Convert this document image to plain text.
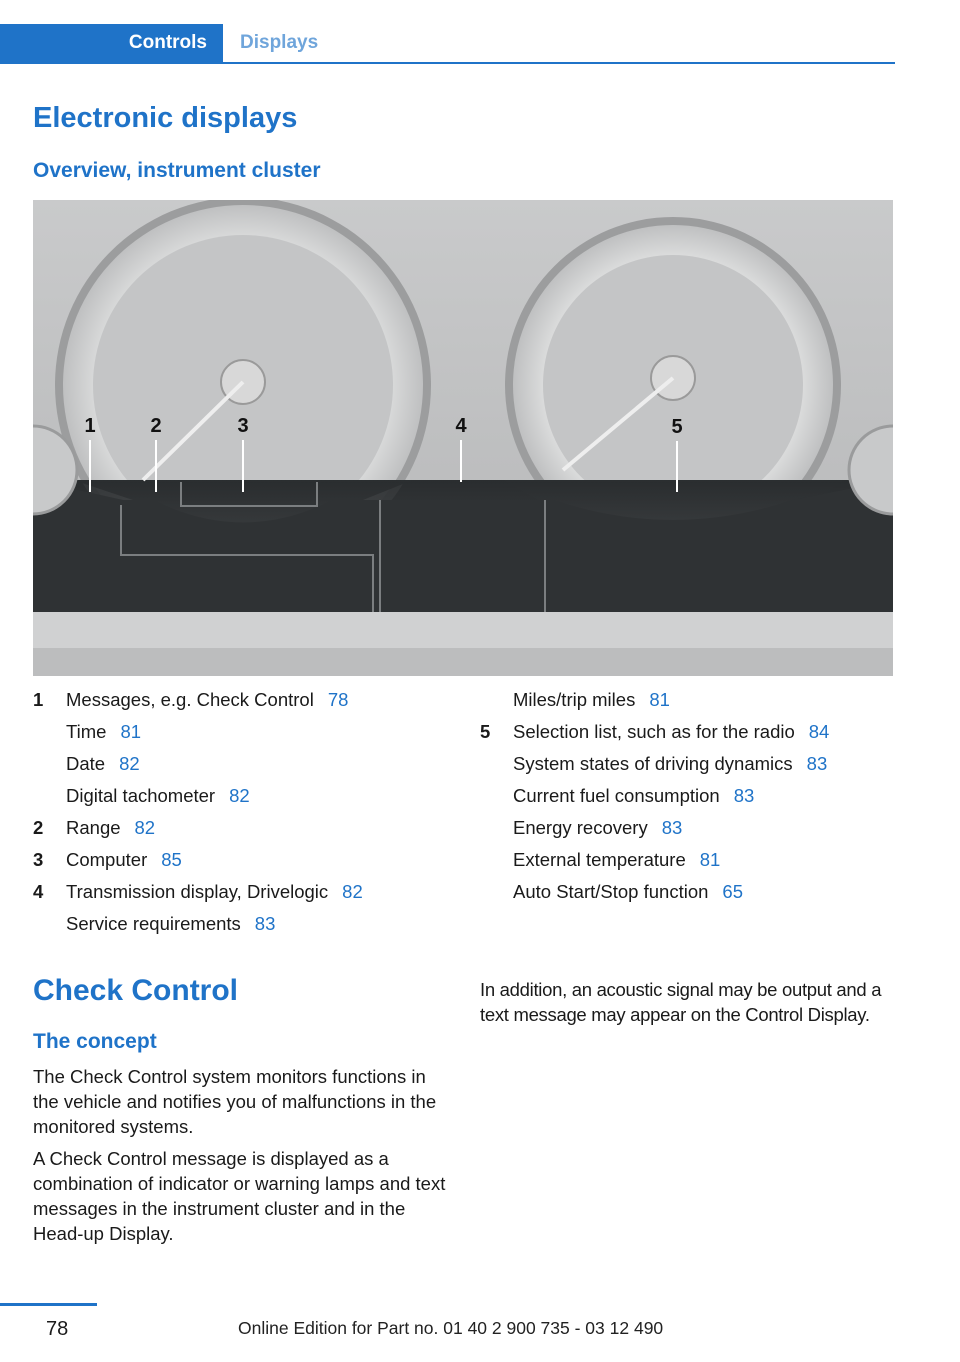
Controls	Displays
Electronic displays
Overview, instrument cluster
1	2	3	4	5
1 Messages, e.g. Check Control 78
Time 81
Date 82
Digital tachometer 82
2 Range 82
3 Computer 85
4 Transmission display, Drivelogic 82
Service requirements 83
Miles/trip miles 81
5 Selection list, such as for the radio 84
System states of driving dynamics 83
Current fuel consumption 83
Energy recovery 83
External temperature 81
Auto Start/Stop function 65
Check Control
The concept

The Check Control system monitors functions in the vehicle and notifies you of malfunctions in the monitored systems.

A Check Control message is displayed as a combination of indicator or warning lamps and text messages in the instrument cluster and in the Head-up Display.

In addition, an acoustic signal may be output and a text message may appear on the Control Display.

78	Online Edition for Part no. 01 40 2 900 735 - 03 12 490
